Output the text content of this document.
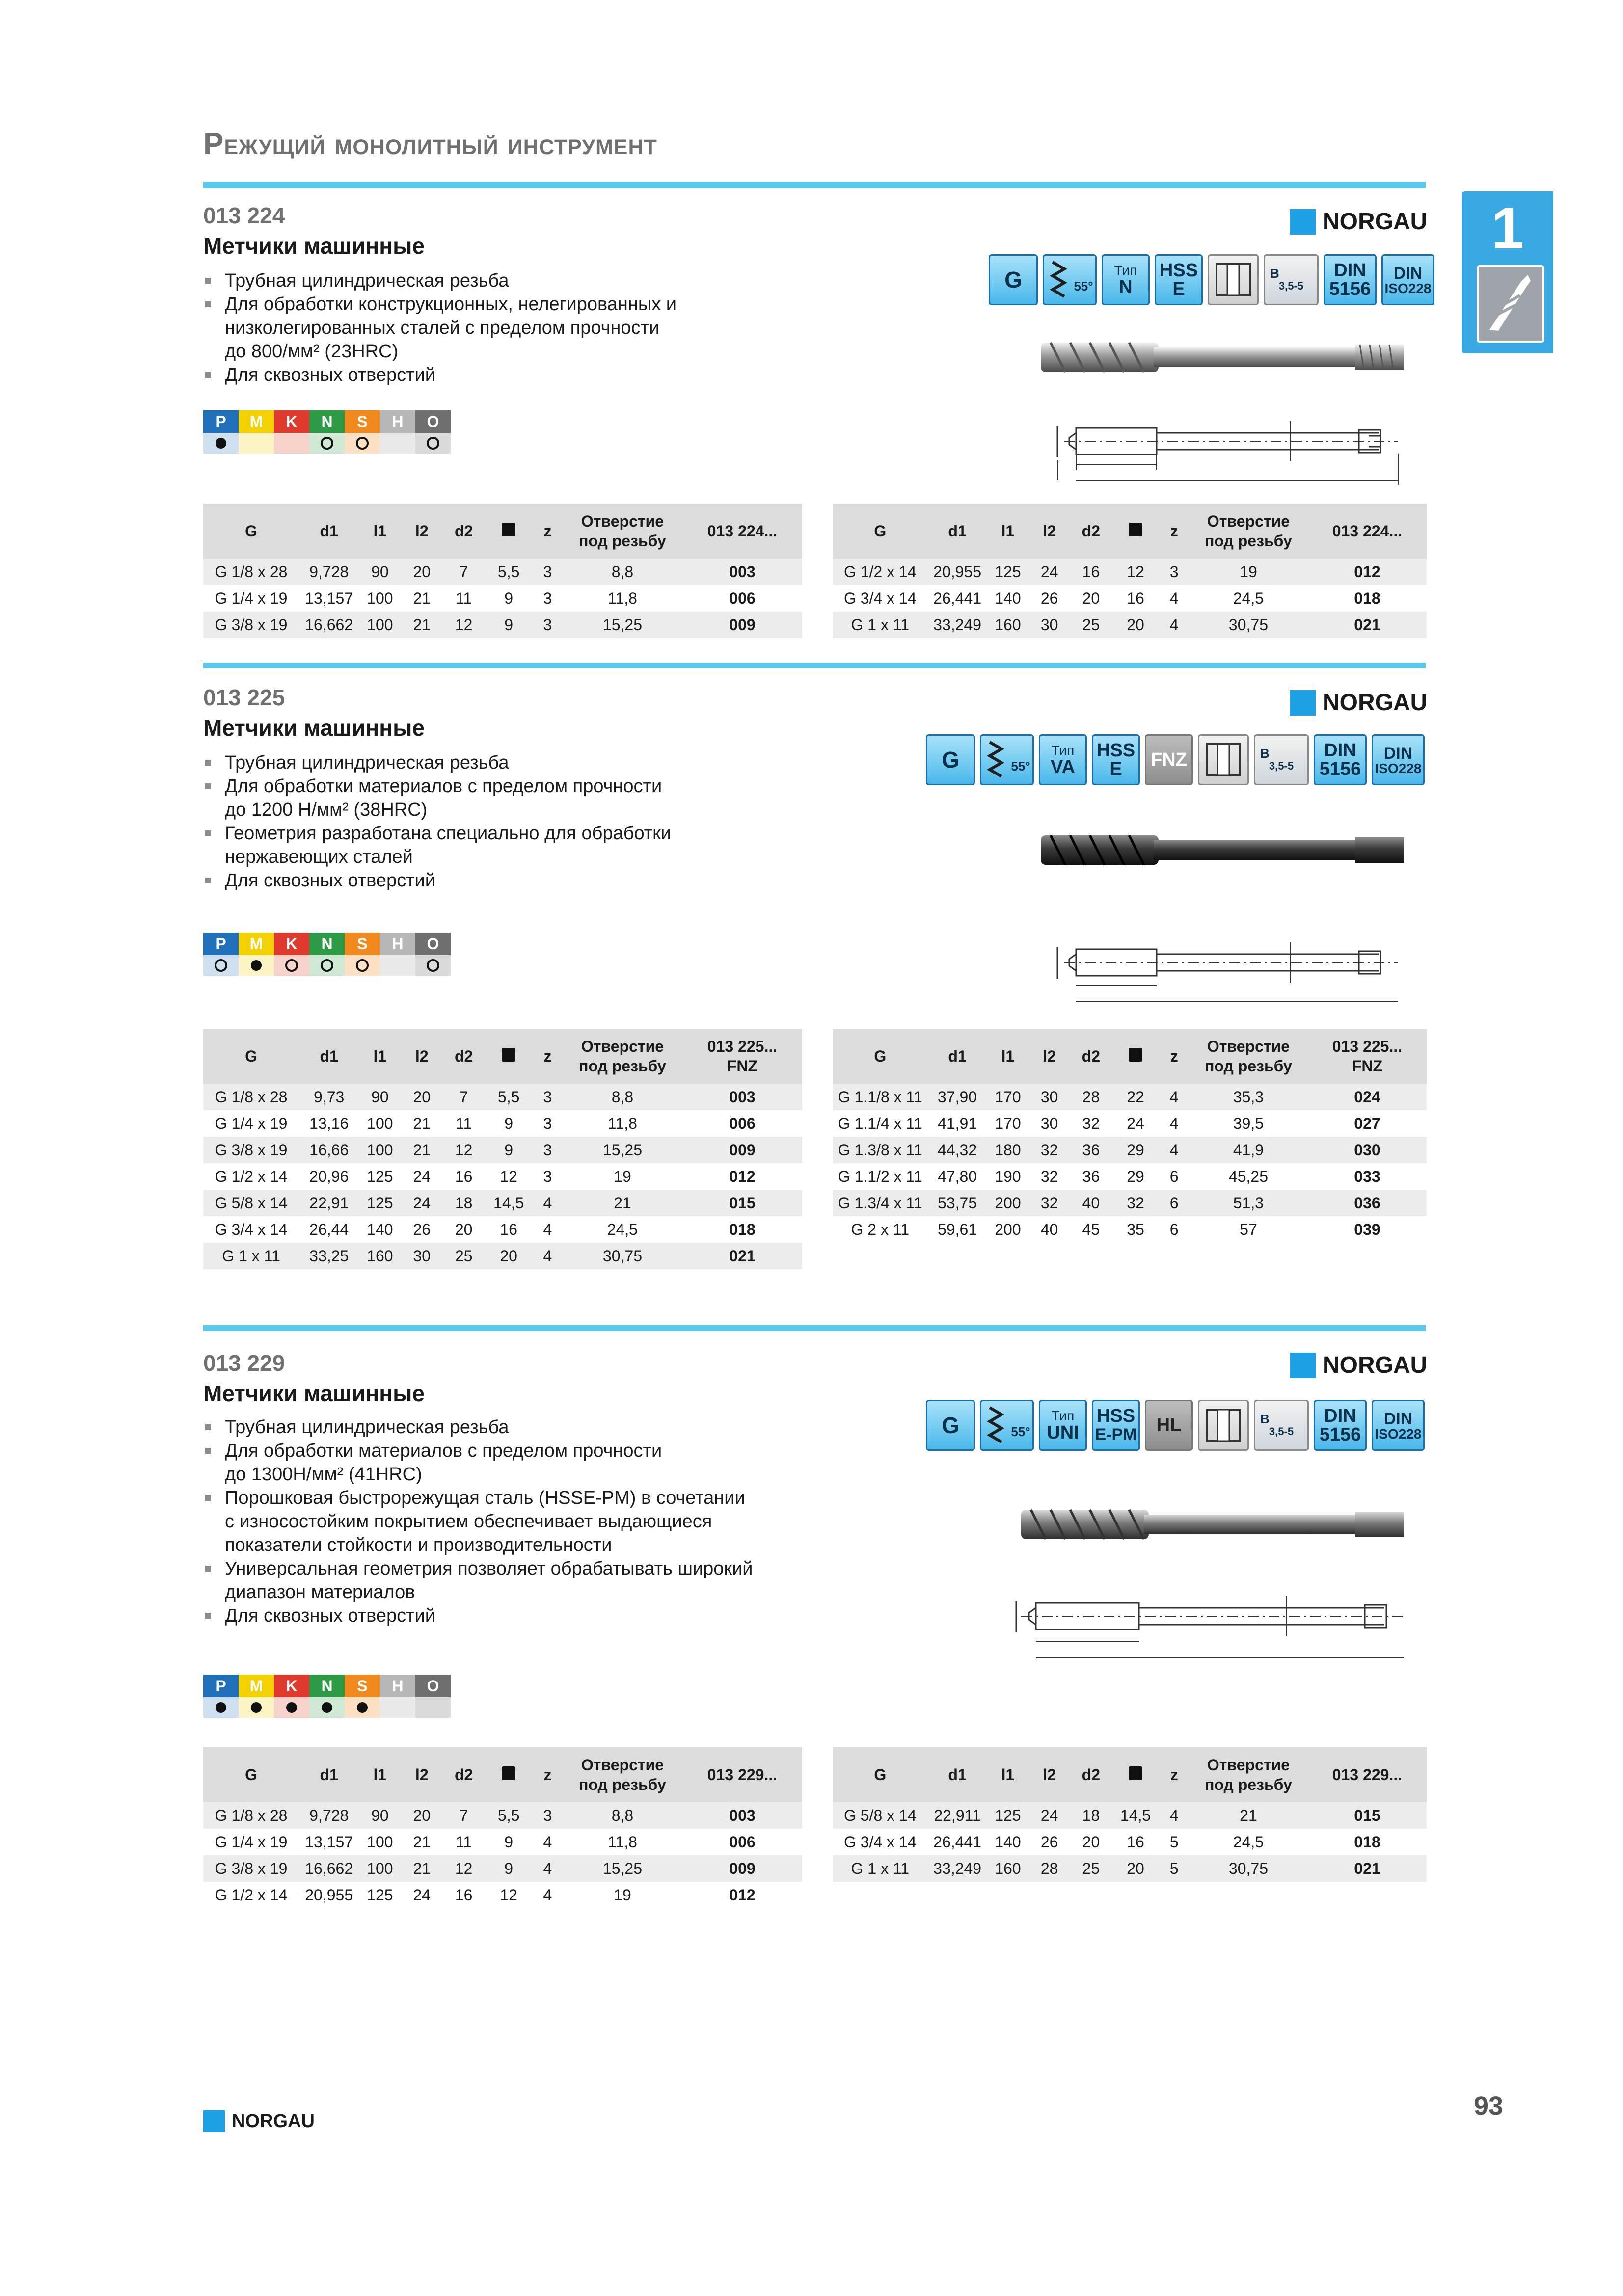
Режущий монолитный инструмент
1
013 224
Метчики машинные
NORGAU
Трубная цилиндрическая резьба
Для обработки конструкционных, нелегированных и
низколегированных сталей с пределом прочности
до 800/мм² (23HRC)
Для сквозных отверстий
P	M	K	N	S	H	O
G	55°
Тип
N
HSS
E
B
3,5-5
DIN
5156
DIN
ISO228
G	d1	l1	l2	d2		z	Отверстие под резьбу	013 224...
G 1/8 x 28	9,728	90	20	7	5,5	3	8,8	003
G 1/4 x 19	13,157	100	21	11	9	3	11,8	006
G 3/8 x 19	16,662	100	21	12	9	3	15,25	009
G	d1	l1	l2	d2		z	Отверстие под резьбу	013 224...
G 1/2 x 14	20,955	125	24	16	12	3	19	012
G 3/4 x 14	26,441	140	26	20	16	4	24,5	018
G 1 x 11	33,249	160	30	25	20	4	30,75	021
013 225
Метчики машинные
NORGAU
Трубная цилиндрическая резьба
Для обработки материалов с пределом прочности
до 1200 Н/мм² (38HRC)
Геометрия разработана специально для обработки
нержавеющих сталей
Для сквозных отверстий
P	M	K	N	S	H	O
G	55°
Тип
VA
HSS
E	FNZ	B
3,5-5
DIN
5156
DIN
ISO228
G	d1	l1	l2	d2		z	Отверстие под резьбу	013 225... FNZ
G 1/8 x 28	9,73	90	20	7	5,5	3	8,8	003
G 1/4 x 19	13,16	100	21	11	9	3	11,8	006
G 3/8 x 19	16,66	100	21	12	9	3	15,25	009
G 1/2 x 14	20,96	125	24	16	12	3	19	012
G 5/8 x 14	22,91	125	24	18	14,5	4	21	015
G 3/4 x 14	26,44	140	26	20	16	4	24,5	018
G 1 x 11	33,25	160	30	25	20	4	30,75	021
G	d1	l1	l2	d2		z	Отверстие под резьбу	013 225... FNZ
G 1.1/8 x 11	37,90	170	30	28	22	4	35,3	024
G 1.1/4 x 11	41,91	170	30	32	24	4	39,5	027
G 1.3/8 x 11	44,32	180	32	36	29	4	41,9	030
G 1.1/2 x 11	47,80	190	32	36	29	6	45,25	033
G 1.3/4 x 11	53,75	200	32	40	32	6	51,3	036
G 2 x 11	59,61	200	40	45	35	6	57	039
013 229
Метчики машинные
NORGAU
Трубная цилиндрическая резьба
Для обработки материалов с пределом прочности
до 1300Н/мм² (41HRC)
Порошковая быстрорежущая сталь (HSSE-PM) в сочетании
с износостойким покрытием обеспечивает выдающиеся
показатели стойкости и производительности
Универсальная геометрия позволяет обрабатывать широкий
диапазон материалов
Для сквозных отверстий
P	M	K	N	S	H	O
G	55°
Тип
UNI
HSS
E-PM	HL	B
3,5-5
DIN
5156
DIN
ISO228
G	d1	l1	l2	d2		z	Отверстие под резьбу	013 229...
G 1/8 x 28	9,728	90	20	7	5,5	3	8,8	003
G 1/4 x 19	13,157	100	21	11	9	4	11,8	006
G 3/8 x 19	16,662	100	21	12	9	4	15,25	009
G 1/2 x 14	20,955	125	24	16	12	4	19	012
G	d1	l1	l2	d2		z	Отверстие под резьбу	013 229...
G 5/8 x 14	22,911	125	24	18	14,5	4	21	015
G 3/4 x 14	26,441	140	26	20	16	5	24,5	018
G 1 x 11	33,249	160	28	25	20	5	30,75	021
NORGAU
93
